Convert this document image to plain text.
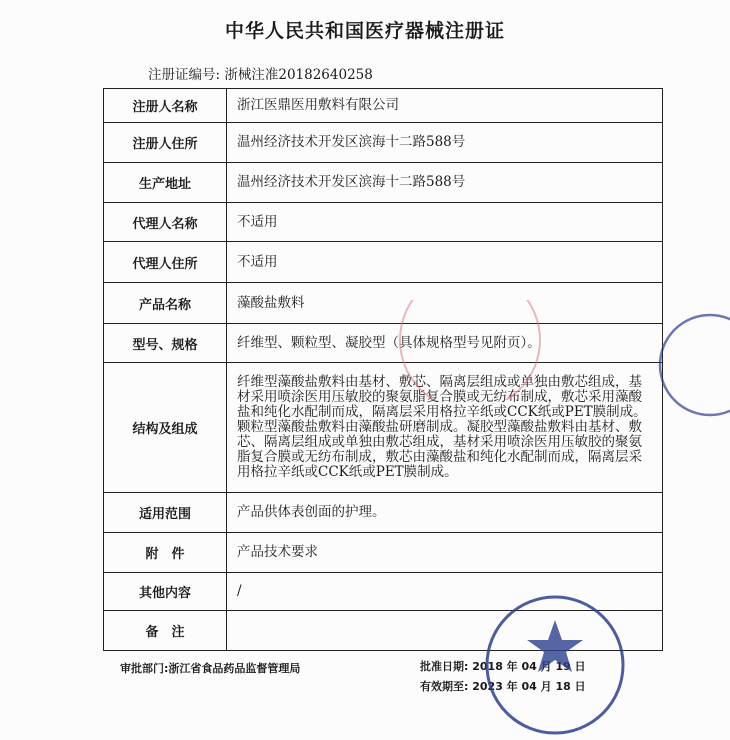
中华人民共和国医疗器械注册证
注册证编号: 浙械注准20182640258
注册人名称	浙江医鼎医用敷料有限公司
注册人住所	温州经济技术开发区滨海十二路588号
生产地址	温州经济技术开发区滨海十二路588号
代理人名称	不适用
代理人住所	不适用
产品名称	藻酸盐敷料
型号、规格	纤维型、颗粒型、凝胶型（具体规格型号见附页）。
结构及组成	纤维型藻酸盐敷料由基材、敷芯、隔离层组成或单独由敷芯组成，基材采用喷涂医用压敏胶的聚氨脂复合膜或无纺布制成，敷芯采用藻酸盐和纯化水配制而成，隔离层采用格拉辛纸或CCK纸或PET膜制成。颗粒型藻酸盐敷料由藻酸盐研磨制成。凝胶型藻酸盐敷料由基材、敷芯、隔离层组成或单独由敷芯组成，基材采用喷涂医用压敏胶的聚氨脂复合膜或无纺布制成，敷芯由藻酸盐和纯化水配制而成，隔离层采用格拉辛纸或CCK纸或PET膜制成。
适用范围	产品供体表创面的护理。
附　件	产品技术要求
其他内容	/
备　注	
审批部门:浙江省食品药品监督管理局	批准日期: 2018 年 04 月 19 日
有效期至: 2023 年 04 月 18 日
